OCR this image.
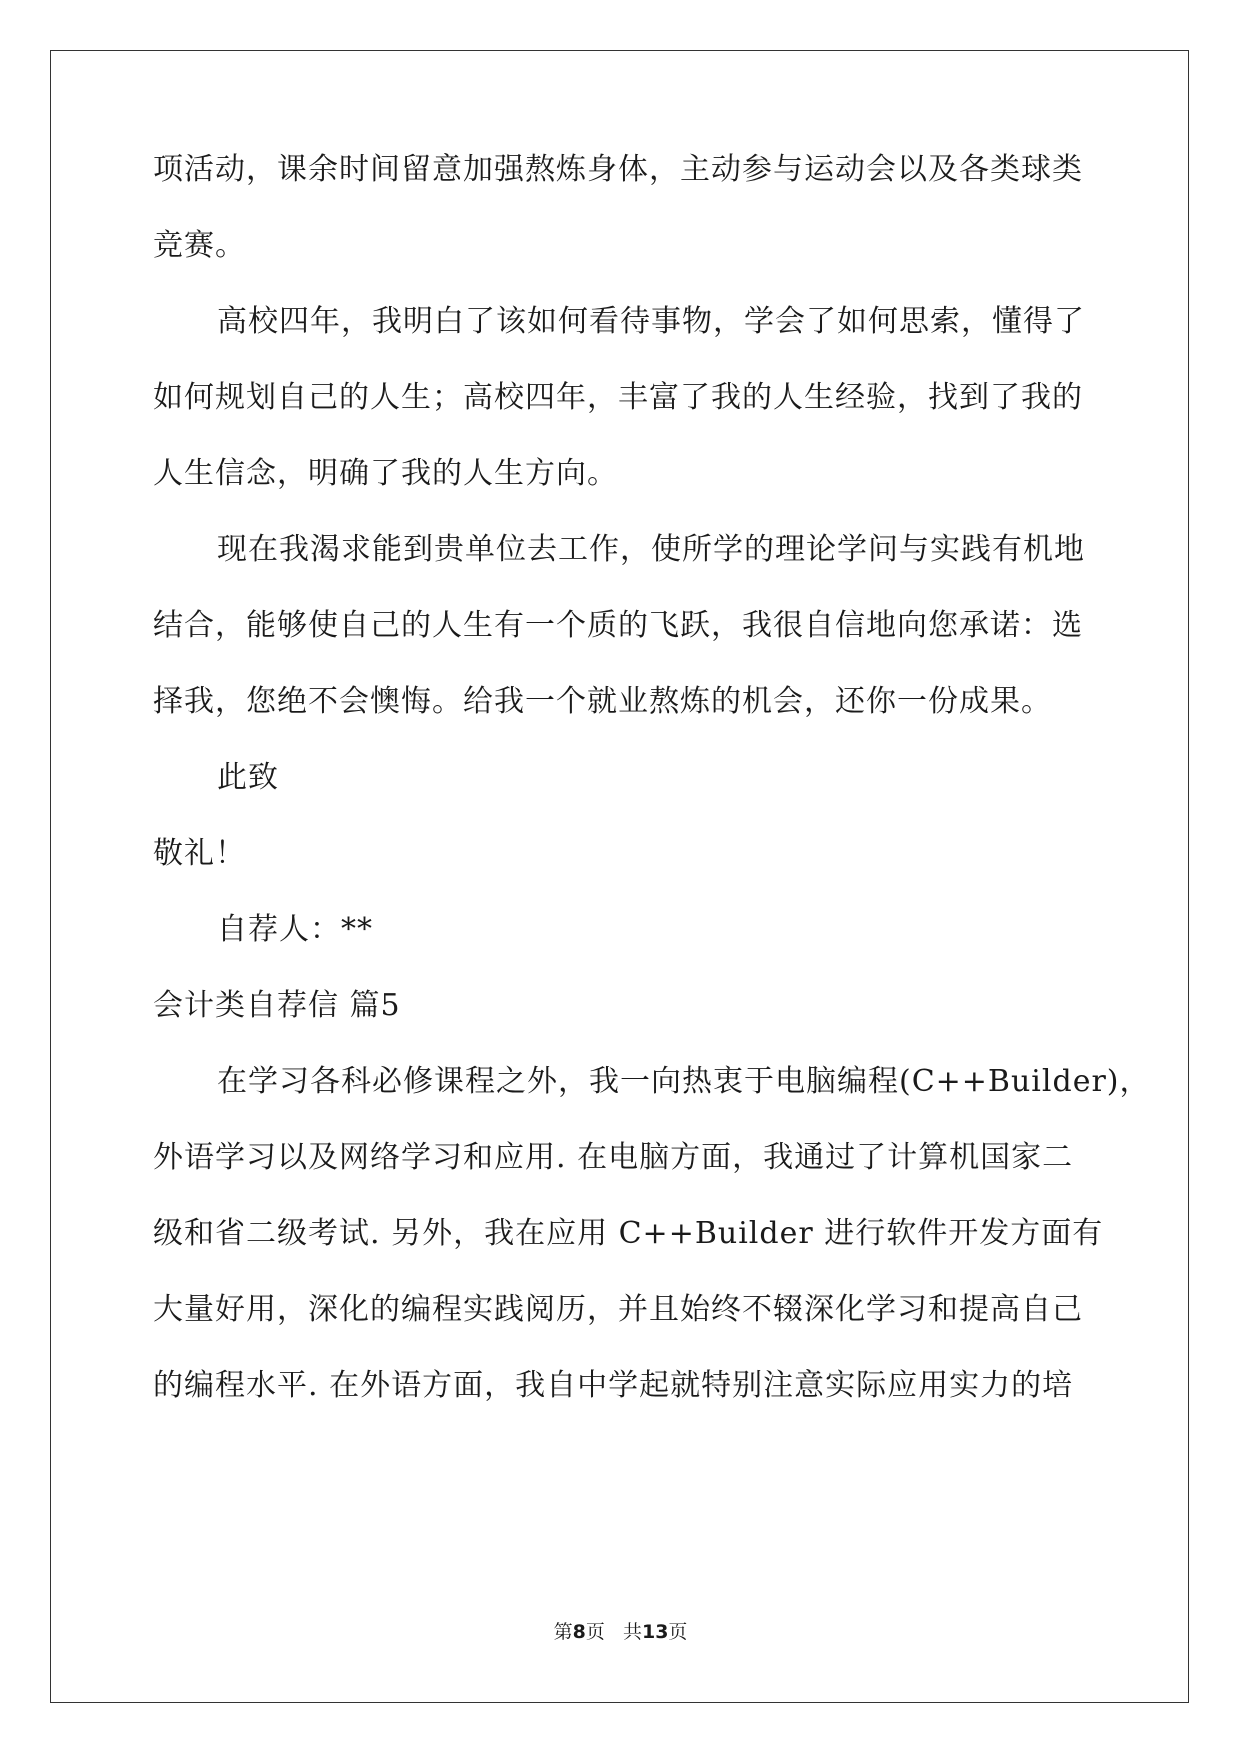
项活动，课余时间留意加强熬炼身体，主动参与运动会以及各类球类
竞赛。
高校四年，我明白了该如何看待事物，学会了如何思索，懂得了
如何规划自己的人生；高校四年，丰富了我的人生经验，找到了我的
人生信念，明确了我的人生方向。
现在我渴求能到贵单位去工作，使所学的理论学问与实践有机地
结合，能够使自己的人生有一个质的飞跃，我很自信地向您承诺：选
择我，您绝不会懊悔。给我一个就业熬炼的机会，还你一份成果。
此致
敬礼！
自荐人：**
会计类自荐信 篇5
在学习各科必修课程之外，我一向热衷于电脑编程(C++Builder)，
外语学习以及网络学习和应用. 在电脑方面，我通过了计算机国家二
级和省二级考试. 另外，我在应用 C++Builder 进行软件开发方面有
大量好用，深化的编程实践阅历，并且始终不辍深化学习和提高自己
的编程水平. 在外语方面，我自中学起就特别注意实际应用实力的培
第8页 共13页
